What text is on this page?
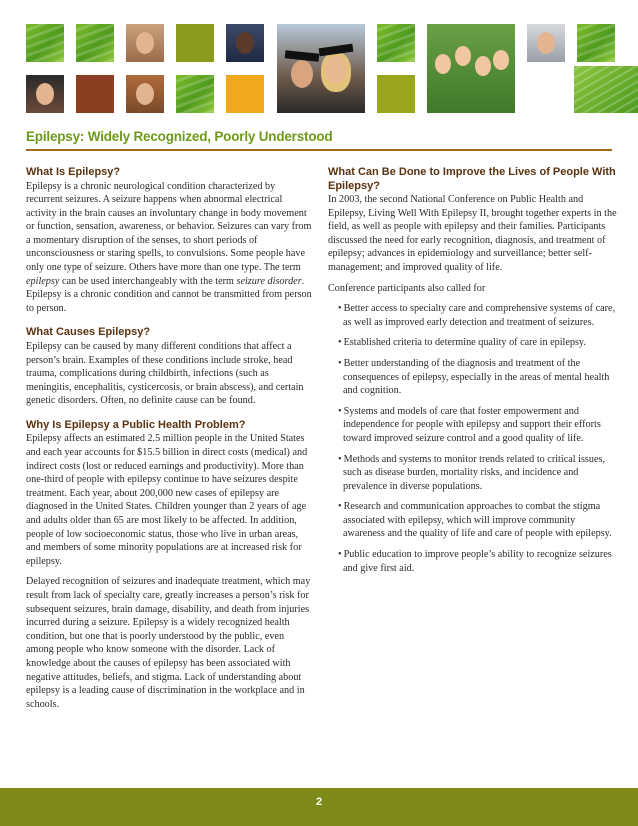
Epilepsy: Widely Recognized, Poorly Understood
What Is Epilepsy?

Epilepsy is a chronic neurological condition characterized by recurrent seizures. A seizure happens when abnormal electrical activity in the brain causes an involuntary change in body movement or function, sensation, awareness, or behavior. Seizures can vary from a momentary disruption of the senses, to short periods of unconsciousness or staring spells, to convulsions. Some people have only one type of seizure. Others have more than one type. The term epilepsy can be used interchangeably with the term seizure disorder. Epilepsy is a chronic condition and cannot be transmitted from person to person.

What Causes Epilepsy?

Epilepsy can be caused by many different conditions that affect a person’s brain. Examples of these conditions include stroke, head trauma, complications during childbirth, infections (such as meningitis, encephalitis, cysticercosis, or brain abscess), and certain genetic disorders. Often, no definite cause can be found.

Why Is Epilepsy a Public Health Problem?

Epilepsy affects an estimated 2.5 million people in the United States and each year accounts for $15.5 billion in direct costs (medical) and indirect costs (lost or reduced earnings and productivity). More than one-third of people with epilepsy continue to have seizures despite treatment. Each year, about 200,000 new cases of epilepsy are diagnosed in the United States. Children younger than 2 years of age and adults older than 65 are most likely to be affected. In addition, people of low socioeconomic status, those who live in urban areas, and members of some minority populations are at increased risk for epilepsy.

Delayed recognition of seizures and inadequate treatment, which may result from lack of specialty care, greatly increases a person’s risk for subsequent seizures, brain damage, disability, and death from injuries incurred during a seizure. Epilepsy is a widely recognized health condition, but one that is poorly understood by the public, even among people who know someone with the disorder. Lack of knowledge about the causes of epilepsy has been associated with negative attitudes, beliefs, and stigma. Lack of understanding about epilepsy is a leading cause of discrimination in the workplace and in schools.

What Can Be Done to Improve the Lives of People With Epilepsy?

In 2003, the second National Conference on Public Health and Epilepsy, Living Well With Epilepsy II, brought together experts in the field, as well as people with epilepsy and their families. Participants discussed the need for early recognition, diagnosis, and treatment of epilepsy; advances in epidemiology and surveillance; better self-management; and improved quality of life.

Conference participants also called for

• Better access to specialty care and comprehensive systems of care, as well as improved early detection and treatment of seizures.
• Established criteria to determine quality of care in epilepsy.
• Better understanding of the diagnosis and treatment of the consequences of epilepsy, especially in the areas of mental health and cognition.
• Systems and models of care that foster empowerment and independence for people with epilepsy and support their efforts toward improved seizure control and a good quality of life.
• Methods and systems to monitor trends related to critical issues, such as disease burden, mortality risks, and incidence and prevalence in diverse populations.
• Research and communication approaches to combat the stigma associated with epilepsy, which will improve community awareness and the quality of life and care of people with epilepsy.
• Public education to improve people’s ability to recognize seizures and give first aid.
2
